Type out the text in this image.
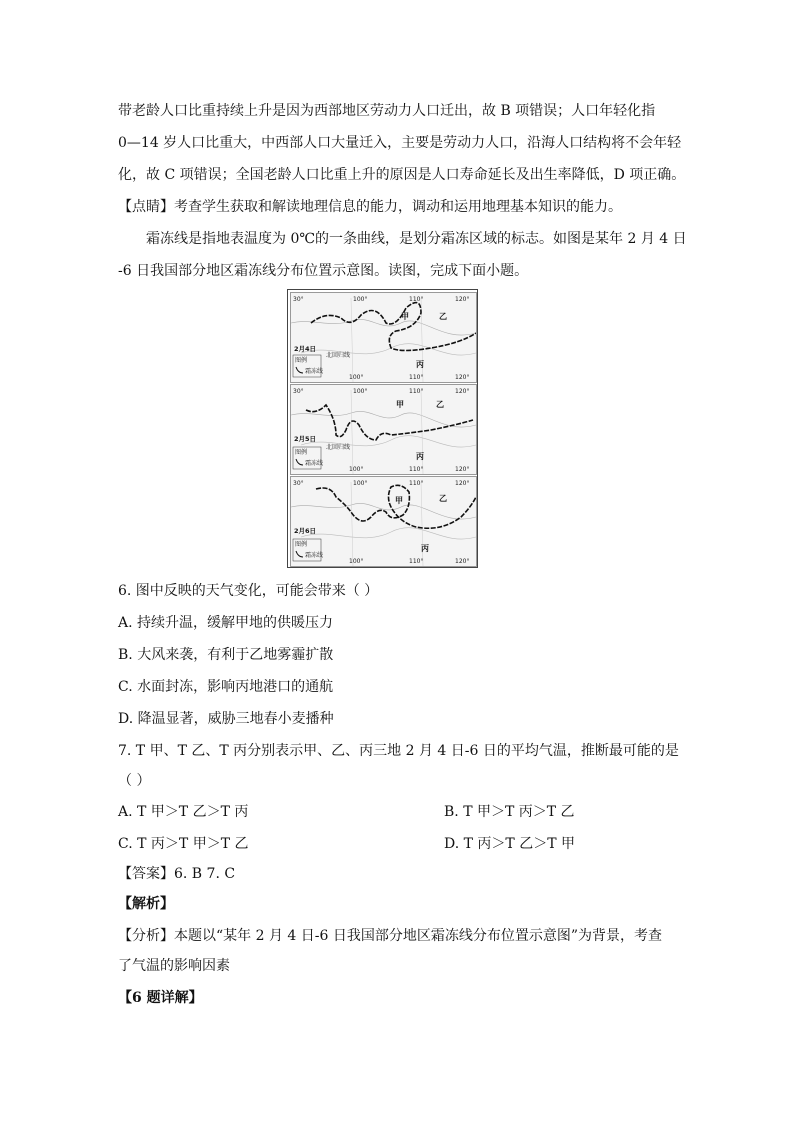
带老龄人口比重持续上升是因为西部地区劳动力人口迁出，故 B 项错误；人口年轻化指
0—14 岁人口比重大，中西部人口大量迁入，主要是劳动力人口，沿海人口结构将不会年轻
化，故 C 项错误；全国老龄人口比重上升的原因是人口寿命延长及出生率降低，D 项正确。
【点睛】考查学生获取和解读地理信息的能力，调动和运用地理基本知识的能力。
霜冻线是指地表温度为 0℃的一条曲线，是划分霜冻区域的标志。如图是某年 2 月 4 日
-6 日我国部分地区霜冻线分布位置示意图。读图，完成下面小题。
30°	100°	110°	120°
甲	乙
丙
2月4日
北回归线
图例
霜冻线
100°	110°	120°
30°	100°	110°	120°
甲	乙
丙
2月5日
北回归线
图例
霜冻线
100°	110°	120°
30°	100°	110°	120°
甲	乙
丙
2月6日
图例
霜冻线
100°	110°	120°
6. 图中反映的天气变化，可能会带来（ ）
A. 持续升温，缓解甲地的供暖压力
B. 大风来袭，有利于乙地雾霾扩散
C. 水面封冻，影响丙地港口的通航
D. 降温显著，威胁三地春小麦播种
7. T 甲、T 乙、T 丙分别表示甲、乙、丙三地 2 月 4 日-6 日的平均气温，推断最可能的是
（ ）
A. T 甲＞T 乙＞T 丙	B. T 甲＞T 丙＞T 乙
C. T 丙＞T 甲＞T 乙	D. T 丙＞T 乙＞T 甲
【答案】6. B 7. C
【解析】
【分析】本题以“某年 2 月 4 日-6 日我国部分地区霜冻线分布位置示意图”为背景，考查
了气温的影响因素
【6 题详解】
